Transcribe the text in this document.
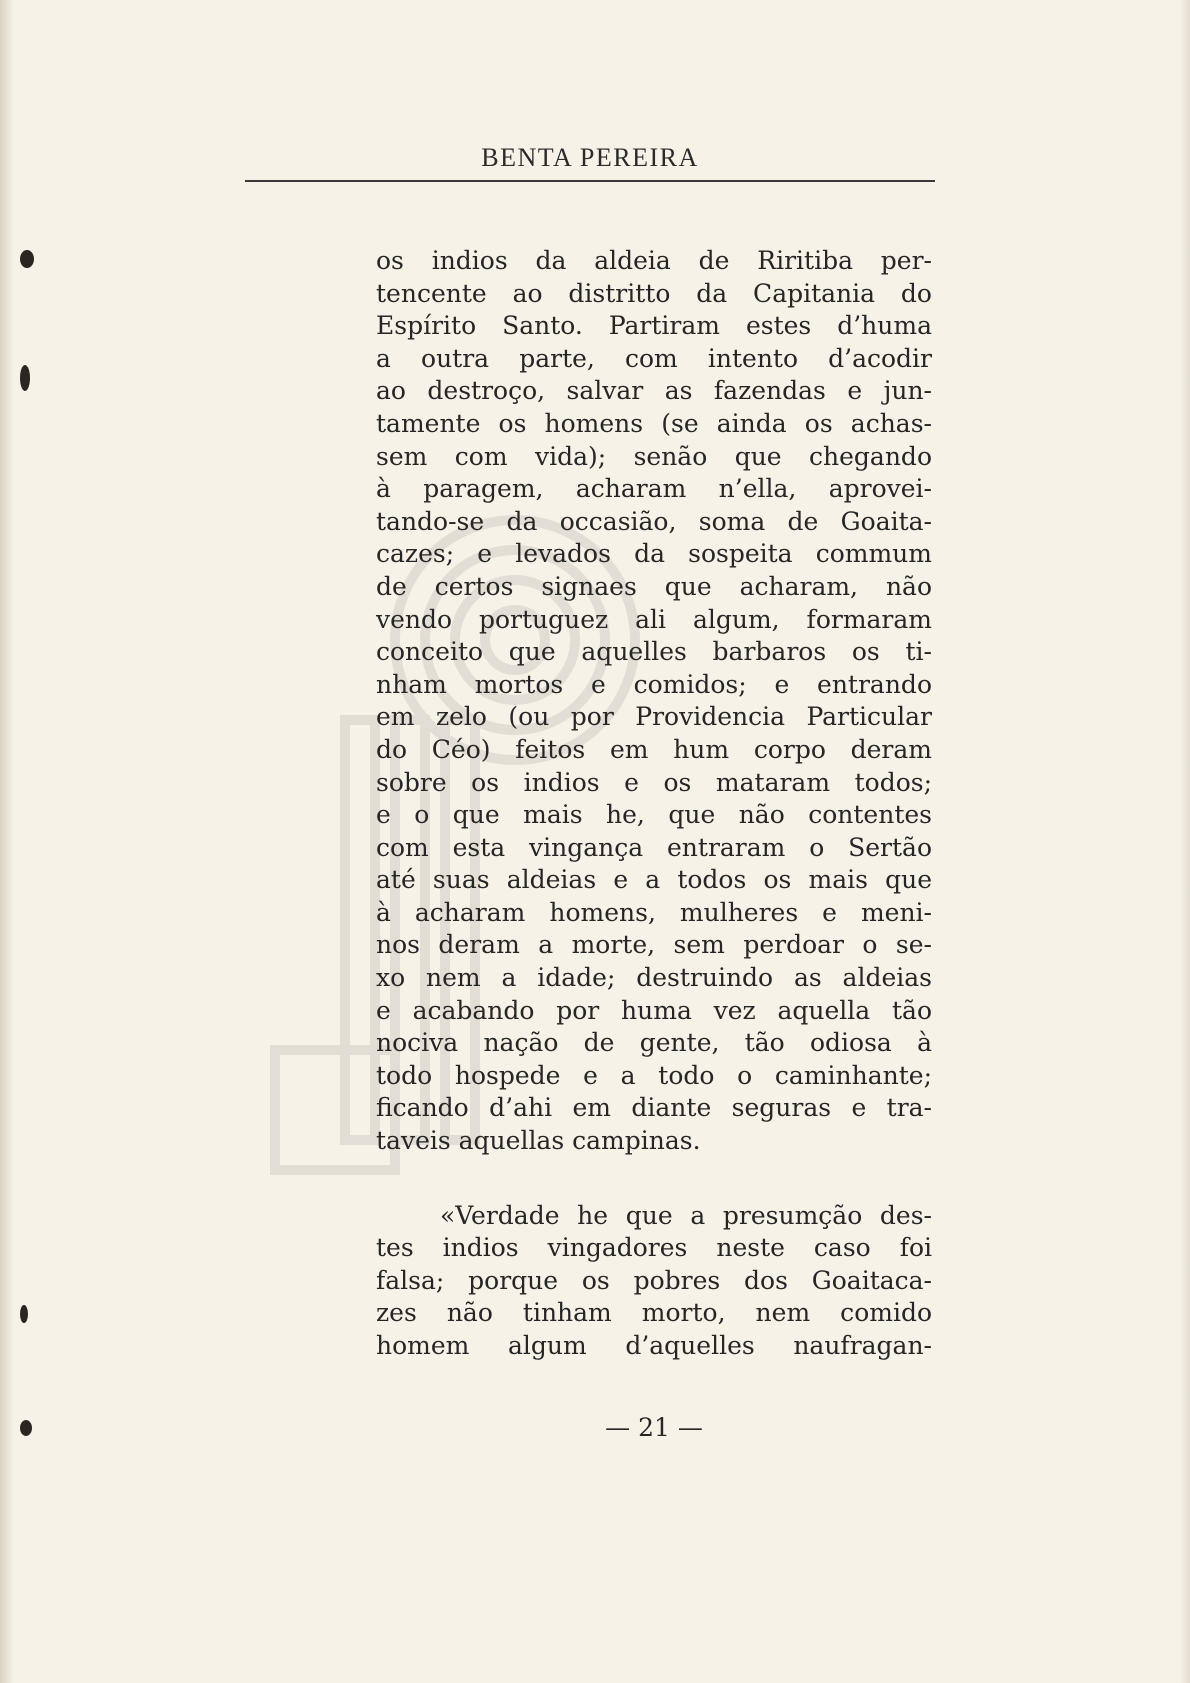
BENTA PEREIRA
os indios da aldeia de Riritiba per-
tencente ao distritto da Capitania do
Espírito Santo. Partiram estes d’huma
a outra parte, com intento d’acodir
ao destroço, salvar as fazendas e jun-
tamente os homens (se ainda os achas-
sem com vida); senão que chegando
à paragem, acharam n’ella, aprovei-
tando-se da occasião, soma de Goaita-
cazes; e levados da sospeita commum
de certos signaes que acharam, não
vendo portuguez ali algum, formaram
conceito que aquelles barbaros os ti-
nham mortos e comidos; e entrando
em zelo (ou por Providencia Particular
do Céo) feitos em hum corpo deram
sobre os indios e os mataram todos;
e o que mais he, que não contentes
com esta vingança entraram o Sertão
até suas aldeias e a todos os mais que
à acharam homens, mulheres e meni-
nos deram a morte, sem perdoar o se-
xo nem a idade; destruindo as aldeias
e acabando por huma vez aquella tão
nociva nação de gente, tão odiosa à
todo hospede e a todo o caminhante;
ficando d’ahi em diante seguras e tra-
taveis aquellas campinas.
«Verdade he que a presumção des-
tes indios vingadores neste caso foi
falsa; porque os pobres dos Goaitaca-
zes não tinham morto, nem comido
homem algum d’aquelles naufragan-
— 21 —
